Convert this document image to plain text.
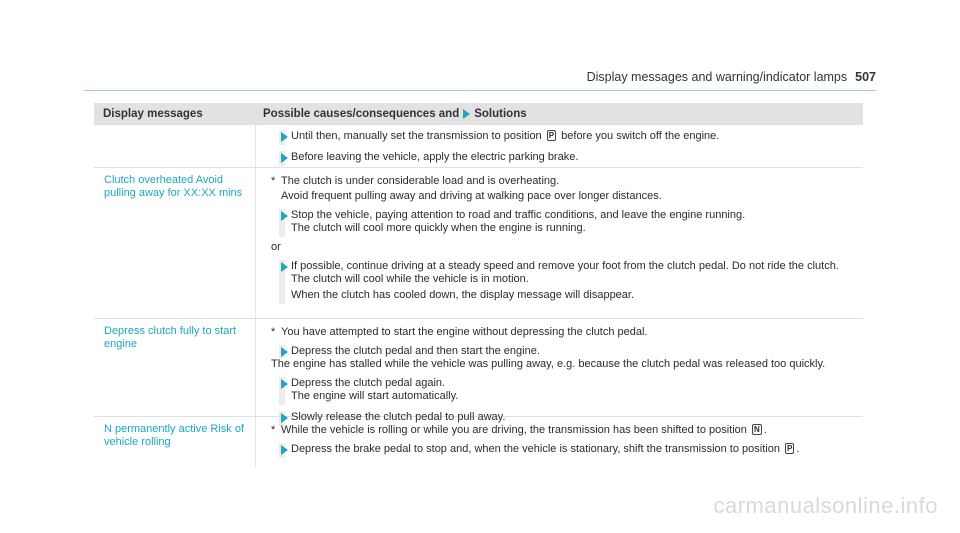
Display messages and warning/indicator lamps 507
Display messages	Possible causes/consequences and Solutions

Until then, manually set the transmission to position P before you switch off the engine.

Before leaving the vehicle, apply the electric parking brake.

Clutch overheated Avoid pulling away for XX:XX mins
* The clutch is under considerable load and is overheating.
Avoid frequent pulling away and driving at walking pace over longer distances.

Stop the vehicle, paying attention to road and traffic conditions, and leave the engine running.

The clutch will cool more quickly when the engine is running.

or

If possible, continue driving at a steady speed and remove your foot from the clutch pedal. Do not ride the clutch.

The clutch will cool while the vehicle is in motion.

When the clutch has cooled down, the display message will disappear.

Depress clutch fully to start engine
* You have attempted to start the engine without depressing the clutch pedal.

Depress the clutch pedal and then start the engine.

The engine has stalled while the vehicle was pulling away, e.g. because the clutch pedal was released too quickly.

Depress the clutch pedal again.

The engine will start automatically.

Slowly release the clutch pedal to pull away.

N permanently active Risk of vehicle rolling
* While the vehicle is rolling or while you are driving, the transmission has been shifted to position N .

Depress the brake pedal to stop and, when the vehicle is stationary, shift the transmission to position P .

carmanualsonline.info
